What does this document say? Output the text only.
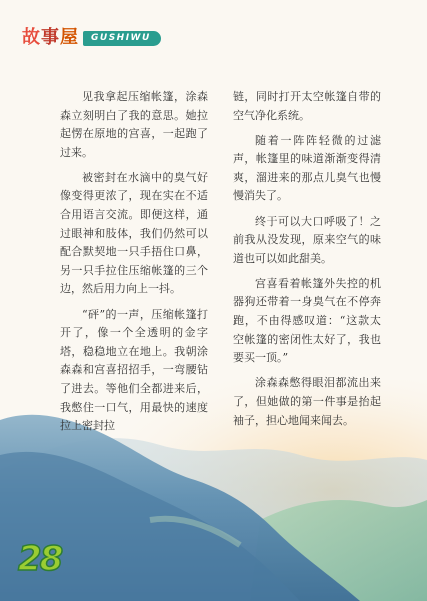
故事屋	GUSHIWU

见我拿起压缩帐篷，涂森森立刻明白了我的意思。她拉起愣在原地的宫喜，一起跑了过来。

被密封在水滴中的臭气好像变得更浓了，现在实在不适合用语言交流。即便这样，通过眼神和肢体，我们仍然可以配合默契地一只手捂住口鼻，另一只手拉住压缩帐篷的三个边，然后用力向上一抖。

“砰”的一声，压缩帐篷打开了，像一个全透明的金字塔，稳稳地立在地上。我朝涂森森和宫喜招招手，一弯腰钻了进去。等他们全都进来后，我憋住一口气，用最快的速度拉上密封拉

链，同时打开太空帐篷自带的空气净化系统。

随着一阵阵轻微的过滤声，帐篷里的味道渐渐变得清爽，溜进来的那点儿臭气也慢慢消失了。

终于可以大口呼吸了！之前我从没发现，原来空气的味道也可以如此甜美。

宫喜看着帐篷外失控的机器狗还带着一身臭气在不停奔跑，不由得感叹道：“这款太空帐篷的密闭性太好了，我也要买一顶。”

涂森森憋得眼泪都流出来了，但她做的第一件事是抬起袖子，担心地闻来闻去。

28
